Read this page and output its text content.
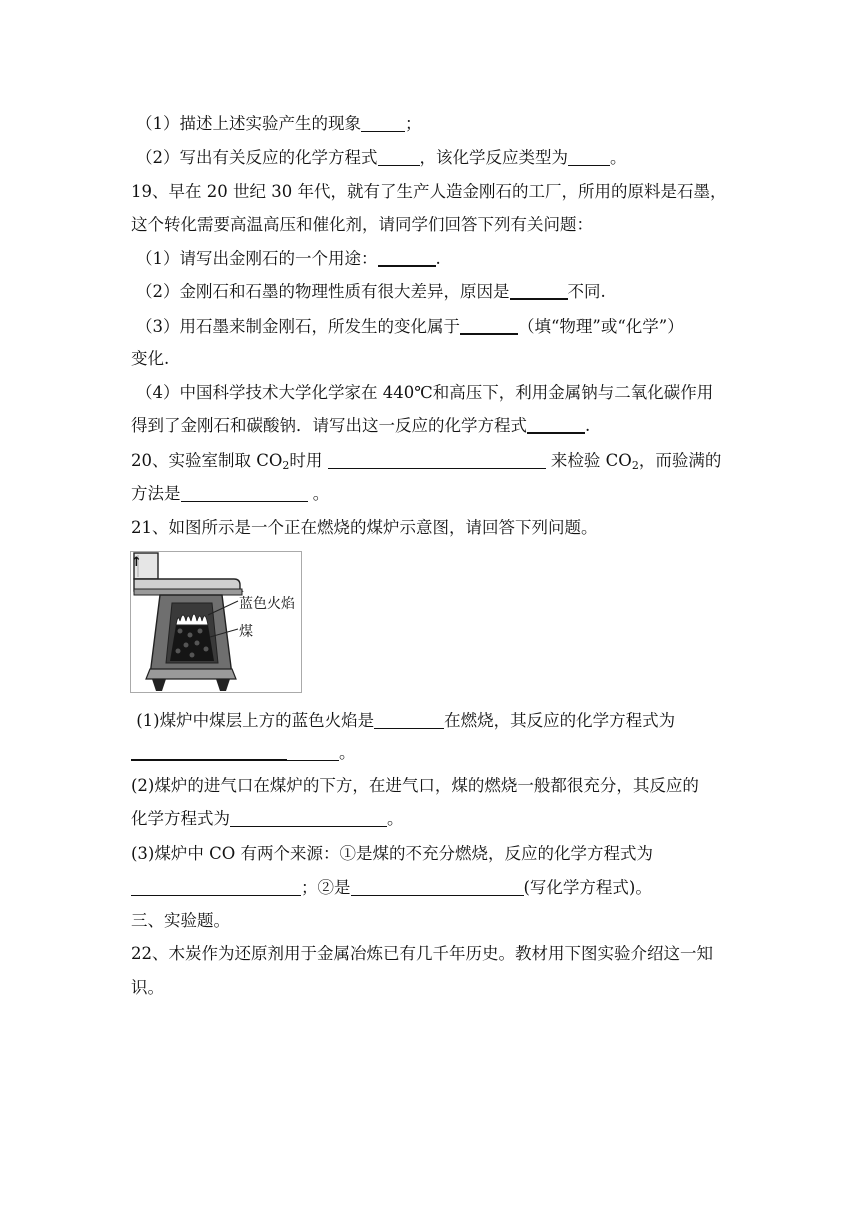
（1）描述上述实验产生的现象	；
（2）写出有关反应的化学方程式	，该化学反应类型为	。
19、早在 20 世纪 30 年代，就有了生产人造金刚石的工厂，所用的原料是石墨，
这个转化需要高温高压和催化剂，请同学们回答下列有关问题：
（1）请写出金刚石的一个用途：	.
（2）金刚石和石墨的物理性质有很大差异，原因是	不同.
（3）用石墨来制金刚石，所发生的变化属于	（填“物理”或“化学”）
变化.
（4）中国科学技术大学化学家在 440℃和高压下，利用金属钠与二氧化碳作用
得到了金刚石和碳酸钠．请写出这一反应的化学方程式	.
20、实验室制取 $CO_2$时用	来检验 $CO_2$，而验满的
方法是	。
21、如图所示是一个正在燃烧的煤炉示意图，请回答下列问题。
↑
蓝色火焰
煤
(1)煤炉中煤层上方的蓝色火焰是	在燃烧，其反应的化学方程式为
。
(2)煤炉的进气口在煤炉的下方，在进气口，煤的燃烧一般都很充分，其反应的
化学方程式为	。
(3)煤炉中 CO 有两个来源：①是煤的不充分燃烧，反应的化学方程式为
；②是	(写化学方程式)。
三、实验题。
22、木炭作为还原剂用于金属冶炼已有几千年历史。教材用下图实验介绍这一知
识。
